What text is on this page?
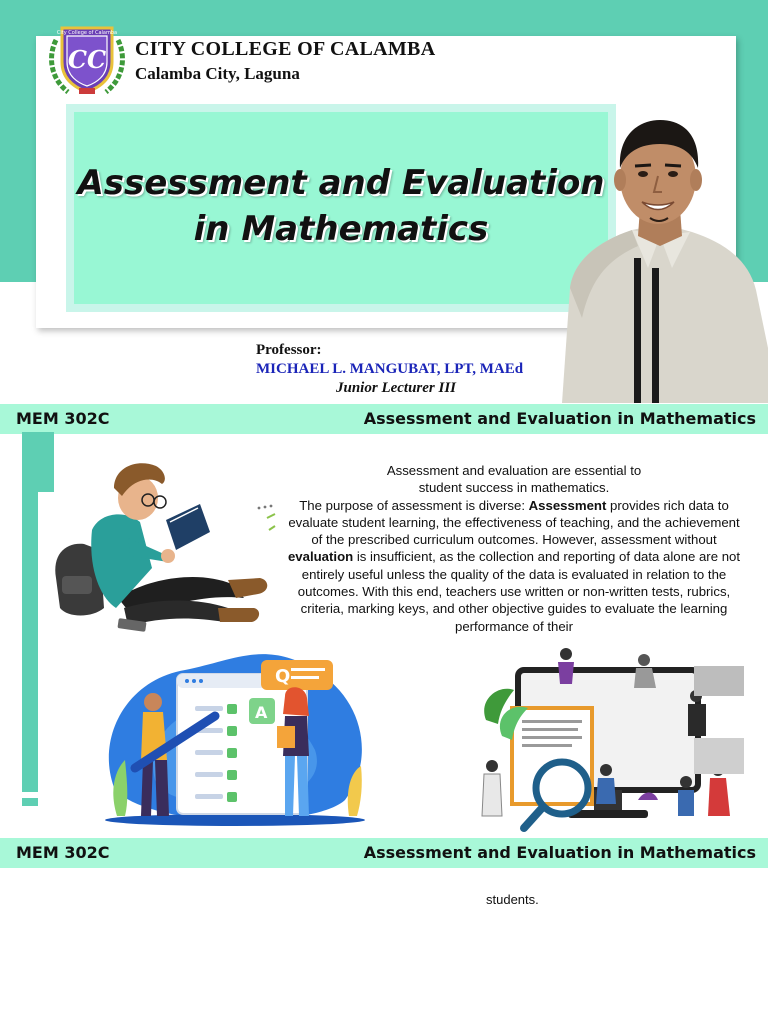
City College of Calamba
CC CITY COLLEGE OF CALAMBA
Calamba City, Laguna
Assessment and Evaluation
in Mathematics
Professor:
MICHAEL L. MANGUBAT, LPT, MAEd
Junior Lecturer III
MEM 302C	Assessment and Evaluation in Mathematics
Assessment and evaluation are essential to
student success in mathematics.
The purpose of assessment is diverse: Assessment provides rich data to evaluate student learning, the effectiveness of teaching, and the achievement of the prescribed curriculum outcomes. However, assessment without evaluation is insufficient, as the collection and reporting of data alone are not entirely useful unless the quality of the data is evaluated in relation to the outcomes. With this end, teachers use written or non-written tests, rubrics, criteria, marking keys, and other objective guides to evaluate the learning performance of their
Q
A
MEM 302C	Assessment and Evaluation in Mathematics
students.
